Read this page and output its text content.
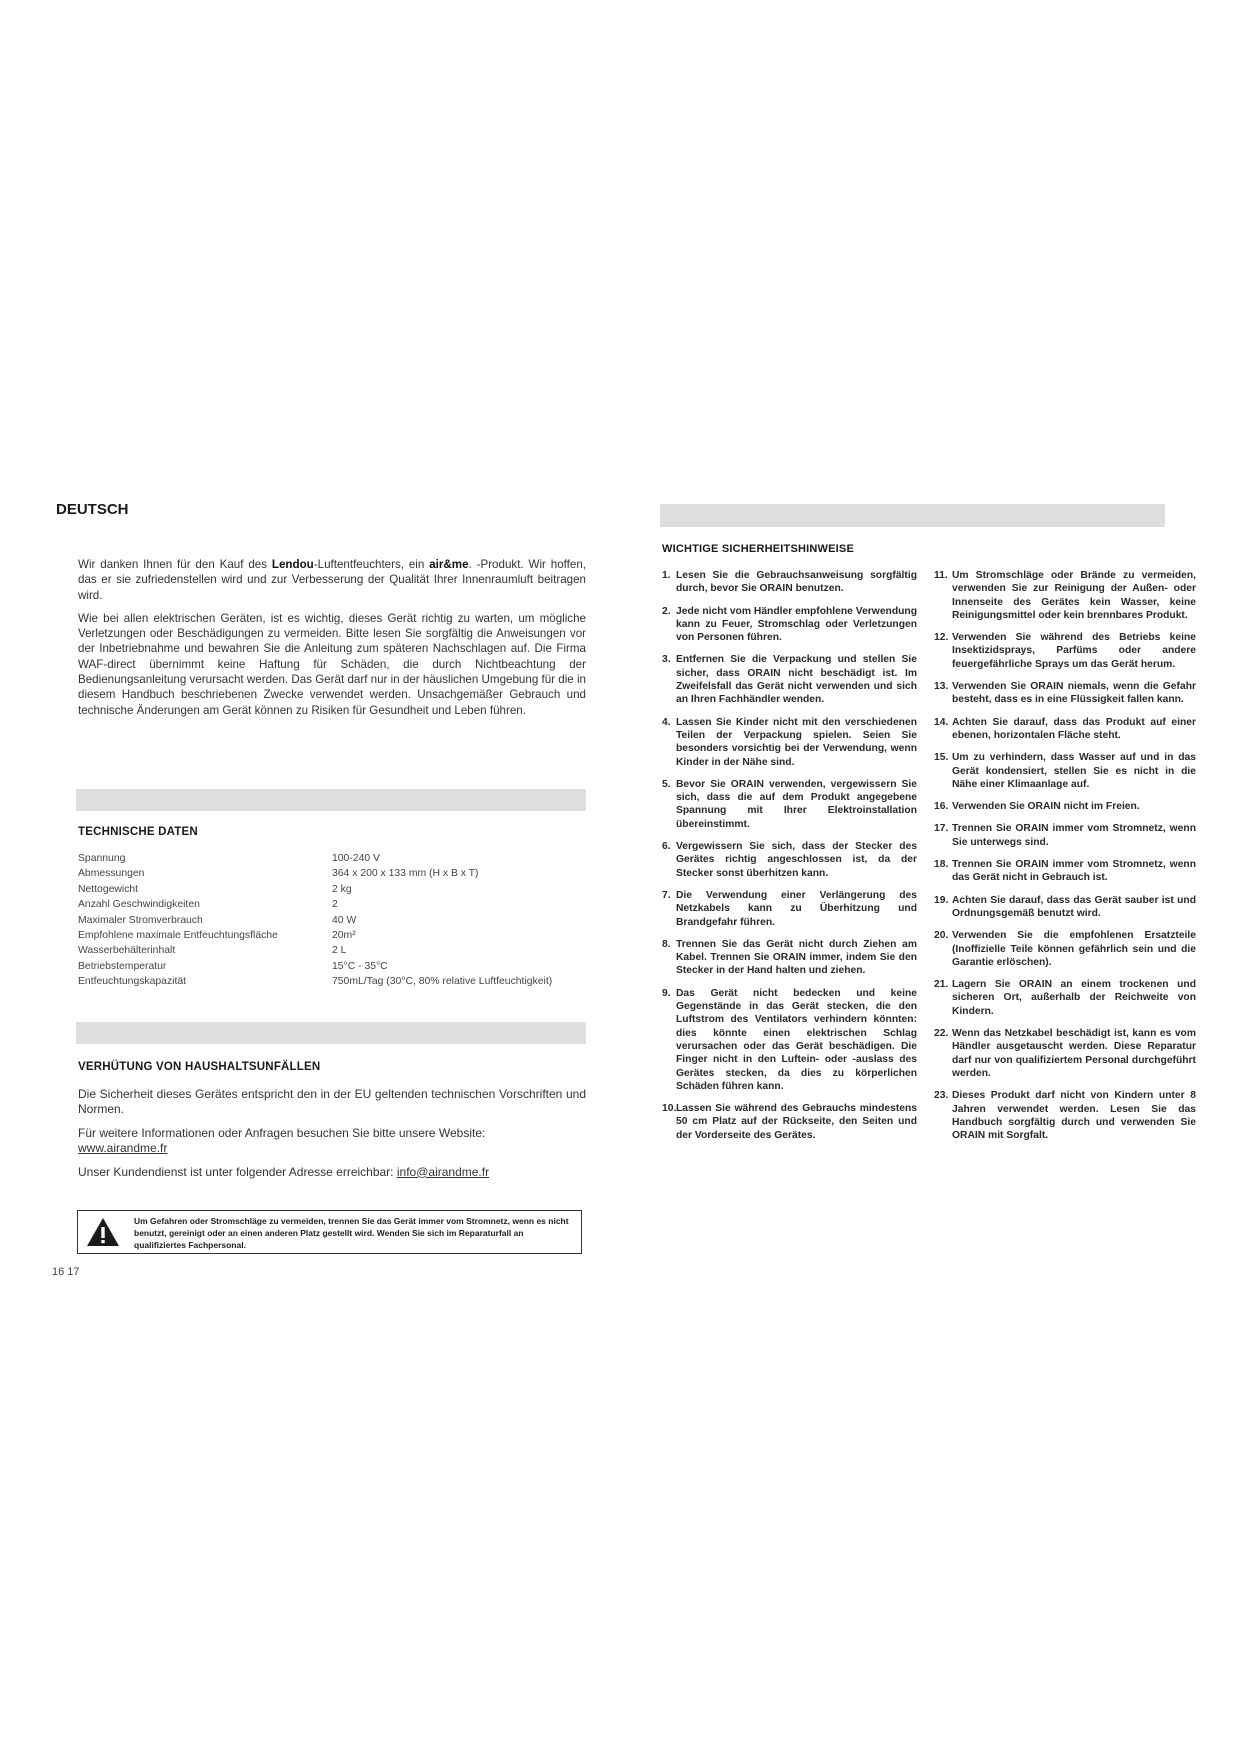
DEUTSCH

Wir danken Ihnen für den Kauf des Lendou-Luftentfeuchters, ein air&me. -Produkt. Wir hoffen, das er sie zufriedenstellen wird und zur Verbesserung der Qualität Ihrer Innenraumluft beitragen wird.

Wie bei allen elektrischen Geräten, ist es wichtig, dieses Gerät richtig zu warten, um mögliche Verletzungen oder Beschädigungen zu vermeiden. Bitte lesen Sie sorgfältig die Anweisungen vor der Inbetriebnahme und bewahren Sie die Anleitung zum späteren Nachschlagen auf. Die Firma WAF-direct übernimmt keine Haftung für Schäden, die durch Nichtbeachtung der Bedienungsanleitung verursacht werden. Das Gerät darf nur in der häuslichen Umgebung für die in diesem Handbuch beschriebenen Zwecke verwendet werden. Unsachgemäßer Gebrauch und technische Änderungen am Gerät können zu Risiken für Gesundheit und Leben führen.

TECHNISCHE DATEN
Spannung	100-240 V
Abmessungen	364 x 200 x 133 mm (H x B x T)
Nettogewicht	2 kg
Anzahl Geschwindigkeiten	2
Maximaler Stromverbrauch	40 W
Empfohlene maximale Entfeuchtungsfläche	20m²
Wasserbehälterinhalt	2 L
Betriebstemperatur	15°C - 35°C
Entfeuchtungskapazität	750mL/Tag (30°C, 80% relative Luftfeuchtigkeit)
VERHÜTUNG VON HAUSHALTSUNFÄLLEN

Die Sicherheit dieses Gerätes entspricht den in der EU geltenden technischen Vorschriften und Normen.

Für weitere Informationen oder Anfragen besuchen Sie bitte unsere Website:
www.airandme.fr

Unser Kundendienst ist unter folgender Adresse erreichbar: info@airandme.fr

Um Gefahren oder Stromschläge zu vermeiden, trennen Sie das Gerät immer vom Stromnetz, wenn es nicht benutzt, gereinigt oder an einen anderen Platz gestellt wird. Wenden Sie sich im Reparaturfall an qualifiziertes Fachpersonal.
16 17
WICHTIGE SICHERHEITSHINWEISE
1. Lesen Sie die Gebrauchsanweisung sorgfältig durch, bevor Sie ORAIN benutzen.
2. Jede nicht vom Händler empfohlene Verwendung kann zu Feuer, Stromschlag oder Verletzungen von Personen führen.
3. Entfernen Sie die Verpackung und stellen Sie sicher, dass ORAIN nicht beschädigt ist. Im Zweifelsfall das Gerät nicht verwenden und sich an Ihren Fachhändler wenden.
4. Lassen Sie Kinder nicht mit den verschiedenen Teilen der Verpackung spielen. Seien Sie besonders vorsichtig bei der Verwendung, wenn Kinder in der Nähe sind.
5. Bevor Sie ORAIN verwenden, vergewissern Sie sich, dass die auf dem Produkt angegebene Spannung mit Ihrer Elektroinstallation übereinstimmt.
6. Vergewissern Sie sich, dass der Stecker des Gerätes richtig angeschlossen ist, da der Stecker sonst überhitzen kann.
7. Die Verwendung einer Verlängerung des Netzkabels kann zu Überhitzung und Brandgefahr führen.
8. Trennen Sie das Gerät nicht durch Ziehen am Kabel. Trennen Sie ORAIN immer, indem Sie den Stecker in der Hand halten und ziehen.
9. Das Gerät nicht bedecken und keine Gegenstände in das Gerät stecken, die den Luftstrom des Ventilators verhindern könnten: dies könnte einen elektrischen Schlag verursachen oder das Gerät beschädigen. Die Finger nicht in den Luftein- oder -auslass des Gerätes stecken, da dies zu körperlichen Schäden führen kann.
10. Lassen Sie während des Gebrauchs mindestens 50 cm Platz auf der Rückseite, den Seiten und der Vorderseite des Gerätes.
11. Um Stromschläge oder Brände zu vermeiden, verwenden Sie zur Reinigung der Außen- oder Innenseite des Gerätes kein Wasser, keine Reinigungsmittel oder kein brennbares Produkt.
12. Verwenden Sie während des Betriebs keine Insektizidsprays, Parfüms oder andere feuergefährliche Sprays um das Gerät herum.
13. Verwenden Sie ORAIN niemals, wenn die Gefahr besteht, dass es in eine Flüssigkeit fallen kann.
14. Achten Sie darauf, dass das Produkt auf einer ebenen, horizontalen Fläche steht.
15. Um zu verhindern, dass Wasser auf und in das Gerät kondensiert, stellen Sie es nicht in die Nähe einer Klimaanlage auf.
16. Verwenden Sie ORAIN nicht im Freien.
17. Trennen Sie ORAIN immer vom Stromnetz, wenn Sie unterwegs sind.
18. Trennen Sie ORAIN immer vom Stromnetz, wenn das Gerät nicht in Gebrauch ist.
19. Achten Sie darauf, dass das Gerät sauber ist und Ordnungsgemäß benutzt wird.
20. Verwenden Sie die empfohlenen Ersatzteile (Inoffizielle Teile können gefährlich sein und die Garantie erlöschen).
21. Lagern Sie ORAIN an einem trockenen und sicheren Ort, außerhalb der Reichweite von Kindern.
22. Wenn das Netzkabel beschädigt ist, kann es vom Händler ausgetauscht werden. Diese Reparatur darf nur von qualifiziertem Personal durchgeführt werden.
23. Dieses Produkt darf nicht von Kindern unter 8 Jahren verwendet werden. Lesen Sie das Handbuch sorgfältig durch und verwenden Sie ORAIN mit Sorgfalt.
